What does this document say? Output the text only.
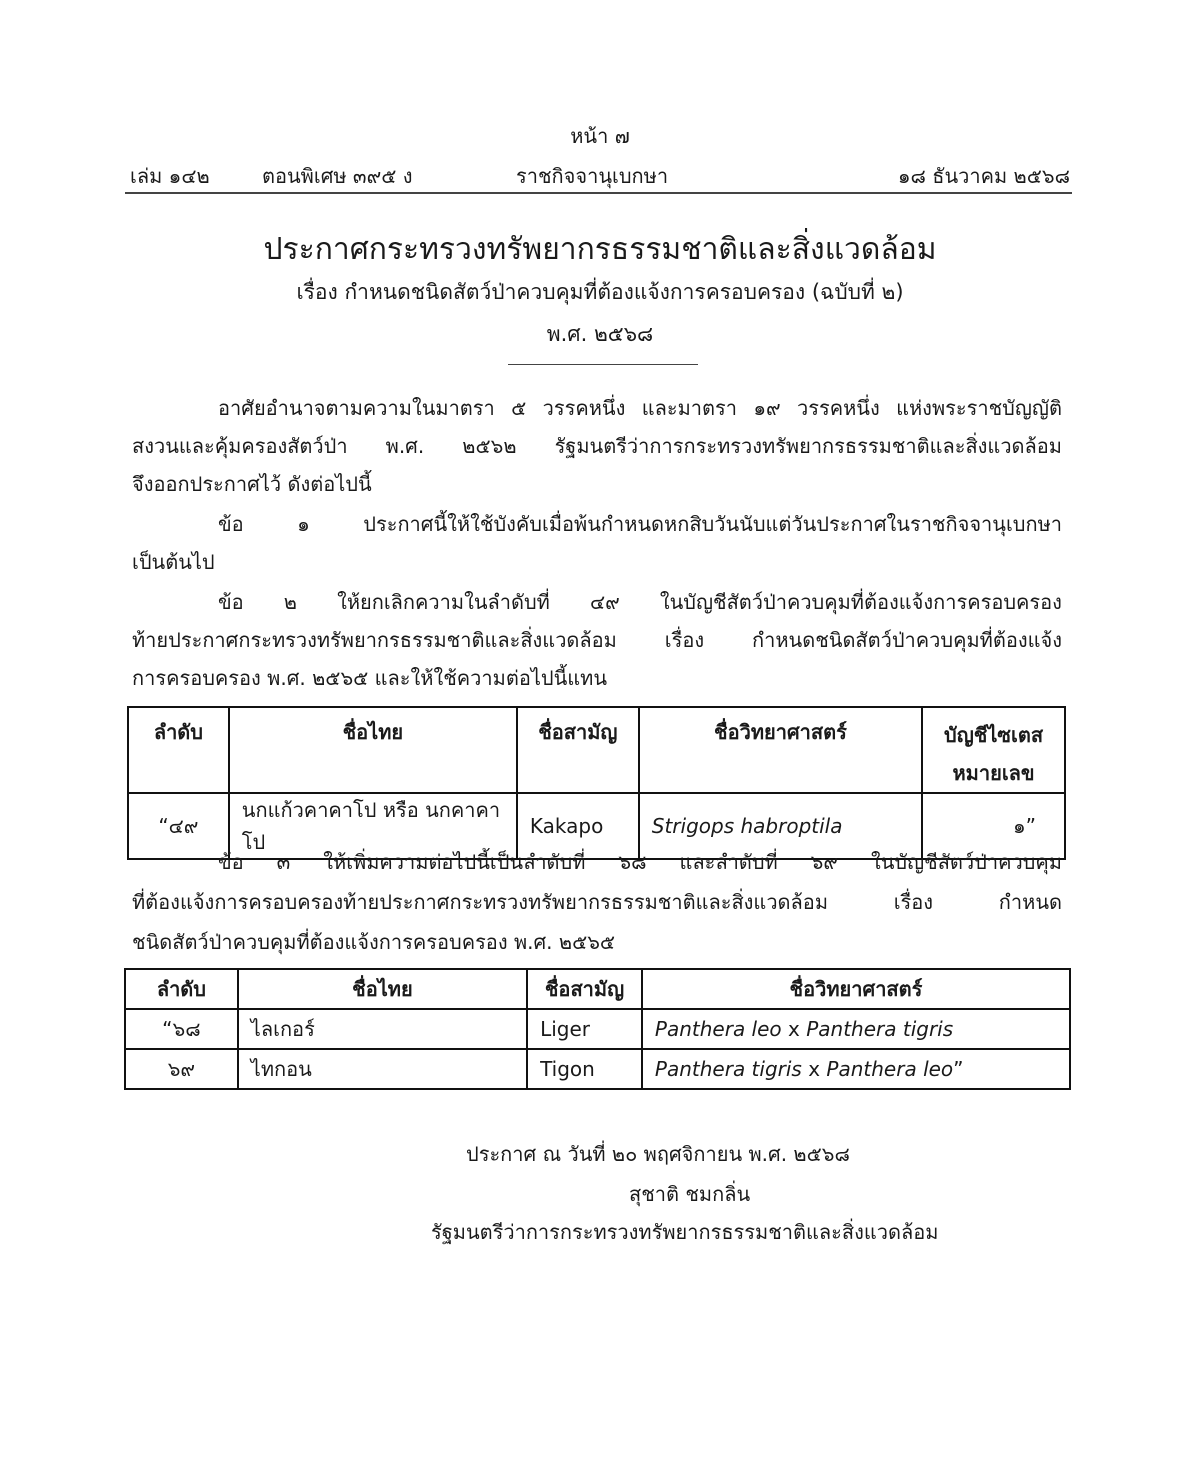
หน้า ๗
เล่ม ๑๔๒	ตอนพิเศษ ๓๙๕ ง	ราชกิจจานุเบกษา	๑๘ ธันวาคม ๒๕๖๘
ประกาศกระทรวงทรัพยากรธรรมชาติและสิ่งแวดล้อม
เรื่อง กำหนดชนิดสัตว์ป่าควบคุมที่ต้องแจ้งการครอบครอง (ฉบับที่ ๒)
พ.ศ. ๒๕๖๘
อาศัยอำนาจตามความในมาตรา ๕ วรรคหนึ่ง และมาตรา ๑๙ วรรคหนึ่ง แห่งพระราชบัญญัติ
สงวนและคุ้มครองสัตว์ป่า พ.ศ. ๒๕๖๒ รัฐมนตรีว่าการกระทรวงทรัพยากรธรรมชาติและสิ่งแวดล้อม
จึงออกประกาศไว้ ดังต่อไปนี้
ข้อ	๑	ประกาศนี้ให้ใช้บังคับเมื่อพ้นกำหนดหกสิบวันนับแต่วันประกาศในราชกิจจานุเบกษา
เป็นต้นไป
ข้อ ๒ ให้ยกเลิกความในลำดับที่ ๔๙ ในบัญชีสัตว์ป่าควบคุมที่ต้องแจ้งการครอบครอง
ท้ายประกาศกระทรวงทรัพยากรธรรมชาติและสิ่งแวดล้อม เรื่อง กำหนดชนิดสัตว์ป่าควบคุมที่ต้องแจ้ง
การครอบครอง พ.ศ. ๒๕๖๕ และให้ใช้ความต่อไปนี้แทน
ลำดับ	ชื่อไทย	ชื่อสามัญ	ชื่อวิทยาศาสตร์	บัญชีไซเตส หมายเลข
“๔๙	นกแก้วคาคาโป หรือ นกคาคาโป	Kakapo	Strigops habroptila	๑”
ข้อ ๓ ให้เพิ่มความต่อไปนี้เป็นลำดับที่ ๖๘ และลำดับที่ ๖๙ ในบัญชีสัตว์ป่าควบคุม
ที่ต้องแจ้งการครอบครองท้ายประกาศกระทรวงทรัพยากรธรรมชาติและสิ่งแวดล้อม	เรื่อง	กำหนด
ชนิดสัตว์ป่าควบคุมที่ต้องแจ้งการครอบครอง พ.ศ. ๒๕๖๕
ลำดับ	ชื่อไทย	ชื่อสามัญ	ชื่อวิทยาศาสตร์
“๖๘	ไลเกอร์	Liger	Panthera leo x Panthera tigris
๖๙	ไทกอน	Tigon	Panthera tigris x Panthera leo”
ประกาศ ณ วันที่ ๒๐ พฤศจิกายน พ.ศ. ๒๕๖๘
สุชาติ ชมกลิ่น
รัฐมนตรีว่าการกระทรวงทรัพยากรธรรมชาติและสิ่งแวดล้อม
